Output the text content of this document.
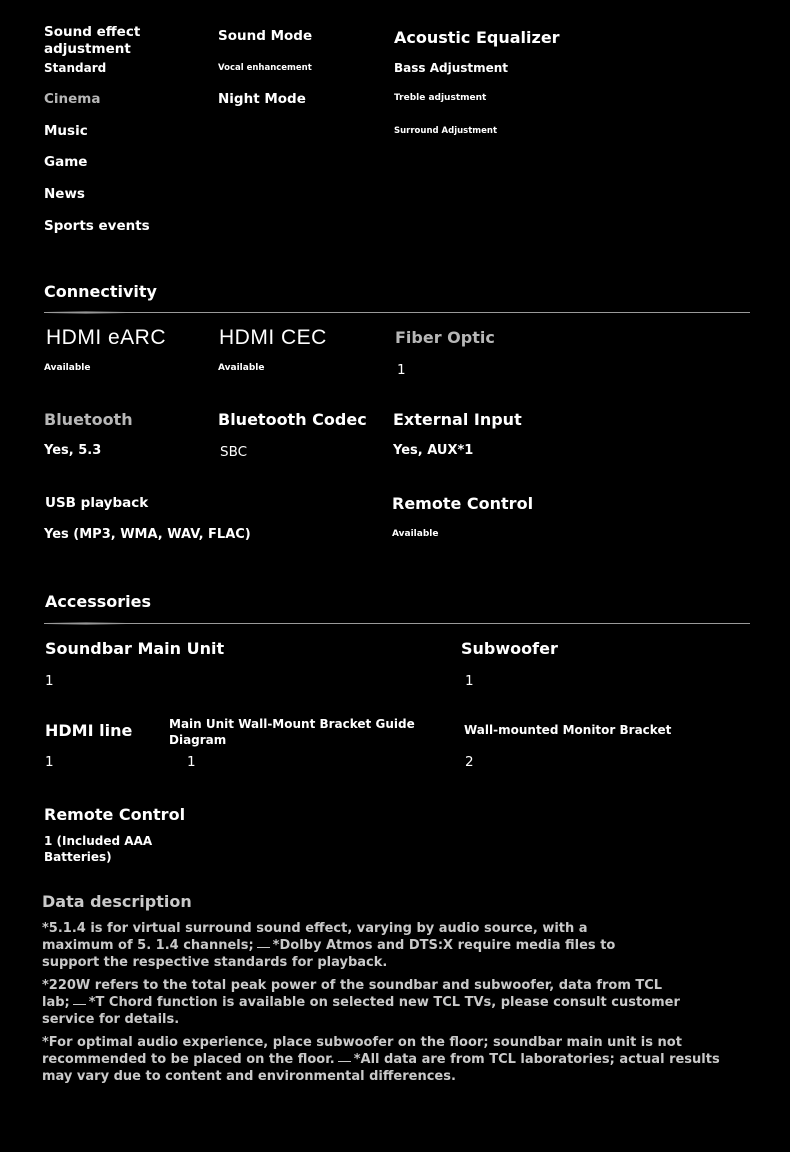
Sound effect
adjustment
Standard
Cinema
Music
Game
News
Sports events
Sound Mode
Vocal enhancement
Night Mode
Acoustic Equalizer
Bass Adjustment
Treble adjustment
Surround Adjustment
Connectivity
HDMI eARC
Available
HDMI CEC
Available
Fiber Optic
1
Bluetooth
Yes, 5.3
Bluetooth Codec
SBC
External Input
Yes, AUX*1
USB playback
Yes (MP3, WMA, WAV, FLAC)
Remote Control
Available
Accessories
Soundbar Main Unit
1
Subwoofer
1
HDMI line
1
Main Unit Wall-Mount Bracket Guide Diagram
1
Wall-mounted Monitor Bracket
2
Remote Control
1 (Included AAA Batteries)
Data description
*5.1.4 is for virtual surround sound effect, varying by audio source, with a maximum of 5. 1.4 channels; *Dolby Atmos and DTS:X require media files to support the respective standards for playback.
*220W refers to the total peak power of the soundbar and subwoofer, data from TCL lab; *T Chord function is available on selected new TCL TVs, please consult customer service for details.
*For optimal audio experience, place subwoofer on the floor; soundbar main unit is not recommended to be placed on the floor. *All data are from TCL laboratories; actual results may vary due to content and environmental differences.
